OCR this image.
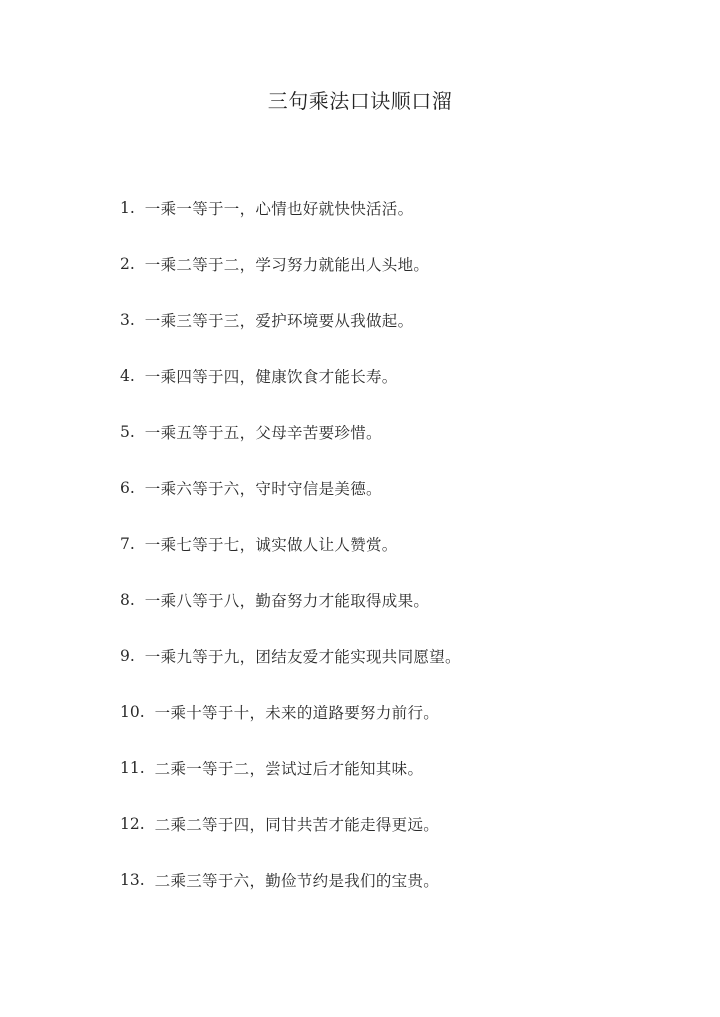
三句乘法口诀顺口溜
1. 一乘一等于一，心情也好就快快活活。
2. 一乘二等于二，学习努力就能出人头地。
3. 一乘三等于三，爱护环境要从我做起。
4. 一乘四等于四，健康饮食才能长寿。
5. 一乘五等于五，父母辛苦要珍惜。
6. 一乘六等于六，守时守信是美德。
7. 一乘七等于七，诚实做人让人赞赏。
8. 一乘八等于八，勤奋努力才能取得成果。
9. 一乘九等于九，团结友爱才能实现共同愿望。
10. 一乘十等于十，未来的道路要努力前行。
11. 二乘一等于二，尝试过后才能知其味。
12. 二乘二等于四，同甘共苦才能走得更远。
13. 二乘三等于六，勤俭节约是我们的宝贵。
